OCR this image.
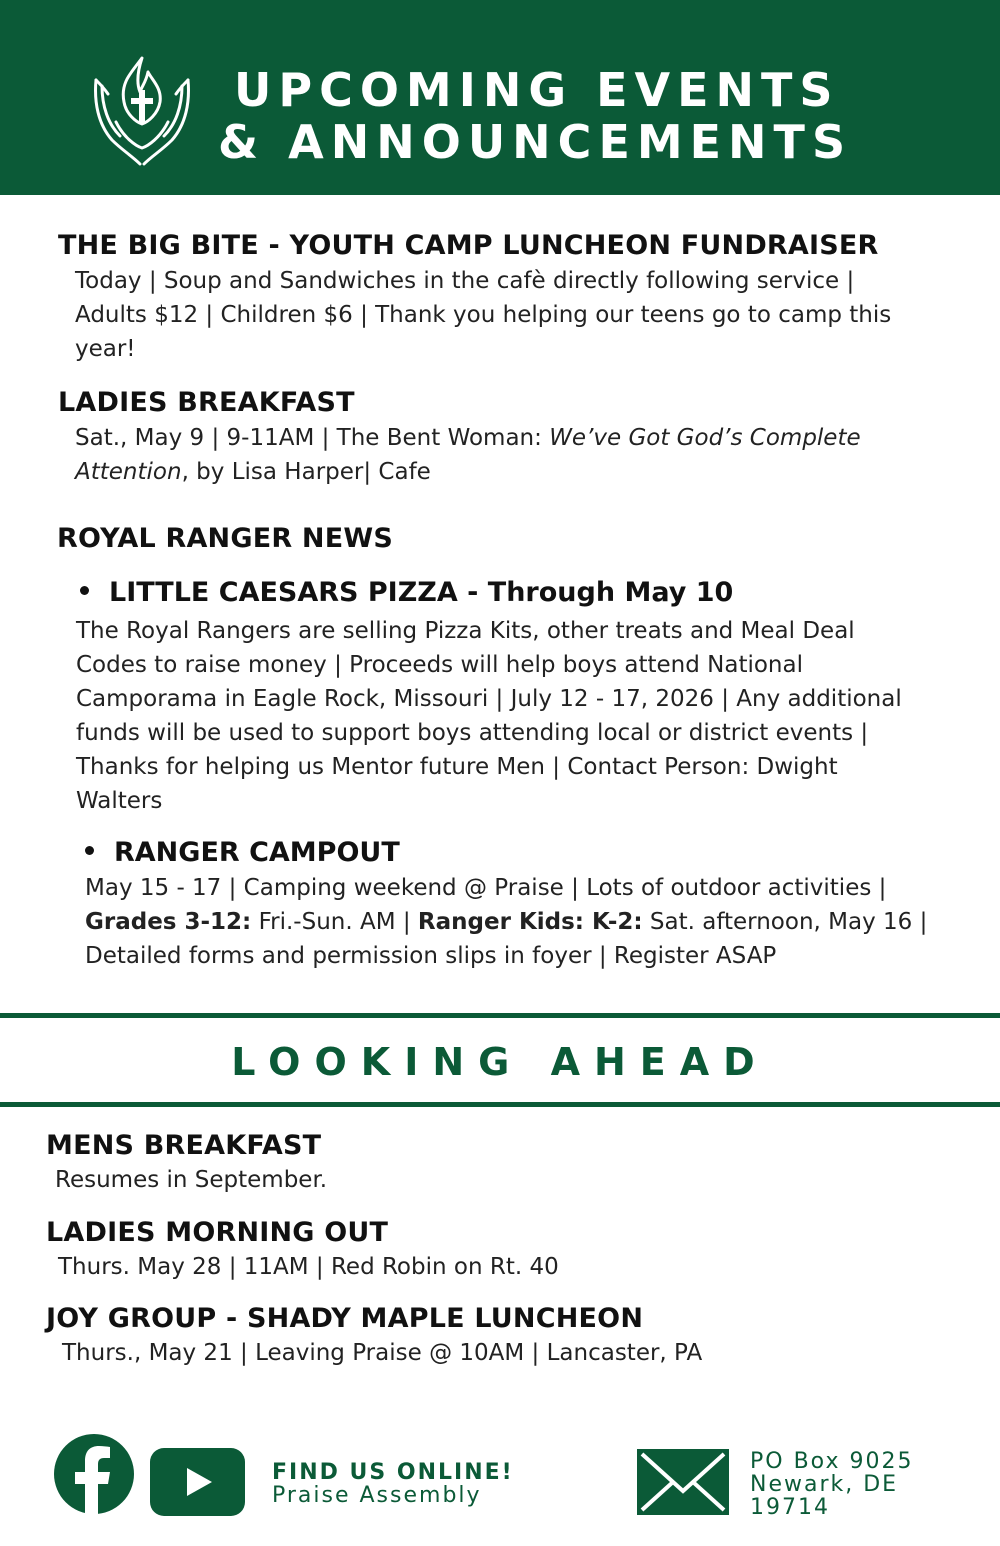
UPCOMING EVENTS
& ANNOUNCEMENTS
THE BIG BITE - YOUTH CAMP LUNCHEON FUNDRAISER
Today | Soup and Sandwiches in the cafè directly following service |
Adults $12 | Children $6 | Thank you helping our teens go to camp this
year!
LADIES BREAKFAST
Sat., May 9 | 9-11AM | The Bent Woman: We’ve Got God’s Complete
Attention, by Lisa Harper| Cafe
ROYAL RANGER NEWS
LITTLE CAESARS PIZZA - Through May 10
The Royal Rangers are selling Pizza Kits, other treats and Meal Deal
Codes to raise money | Proceeds will help boys attend National
Camporama in Eagle Rock, Missouri | July 12 - 17, 2026 | Any additional
funds will be used to support boys attending local or district events |
Thanks for helping us Mentor future Men | Contact Person: Dwight
Walters
RANGER CAMPOUT
May 15 - 17 | Camping weekend @ Praise | Lots of outdoor activities |
Grades 3-12: Fri.-Sun. AM | Ranger Kids: K-2: Sat. afternoon, May 16 |
Detailed forms and permission slips in foyer | Register ASAP
LOOKING AHEAD
MENS BREAKFAST
Resumes in September.
LADIES MORNING OUT
Thurs. May 28 | 11AM | Red Robin on Rt. 40
JOY GROUP - SHADY MAPLE LUNCHEON
Thurs., May 21 | Leaving Praise @ 10AM | Lancaster, PA
FIND US ONLINE!
Praise Assembly
PO Box 9025
Newark, DE
19714
